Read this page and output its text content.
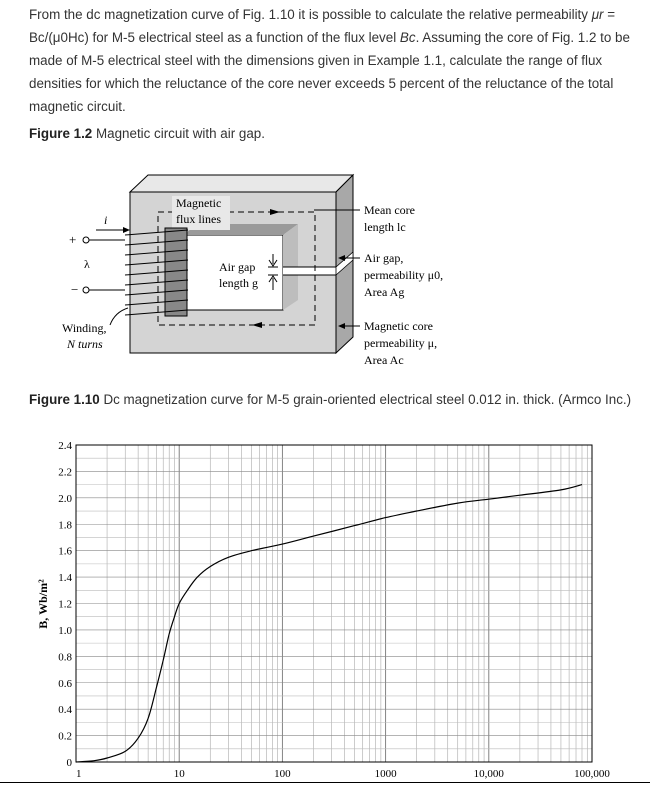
From the dc magnetization curve of Fig. 1.10 it is possible to calculate the relative permeability μr = Bc/(μ0Hc) for M-5 electrical steel as a function of the flux level Bc. Assuming the core of Fig. 1.2 to be made of M-5 electrical steel with the dimensions given in Example 1.1, calculate the range of flux densities for which the reluctance of the core never exceeds 5 percent of the reluctance of the total magnetic circuit.

Figure 1.2 Magnetic circuit with air gap.
Magnetic
flux lines
i
+
−
λ
Winding,
N turns
Air gap
length g
Mean core
length lc
Air gap,
permeability μ0,
Area Ag
Magnetic core
permeability μ,
Area Ac
Figure 1.10 Dc magnetization curve for M-5 grain-oriented electrical steel 0.012 in. thick. (Armco Inc.)
0
0.2
0.4
0.6
0.8
1.0
1.2
1.4
1.6
1.8
2.0
2.2
2.4
1	10	100	1000	10,000	100,000
B, Wb/m²
